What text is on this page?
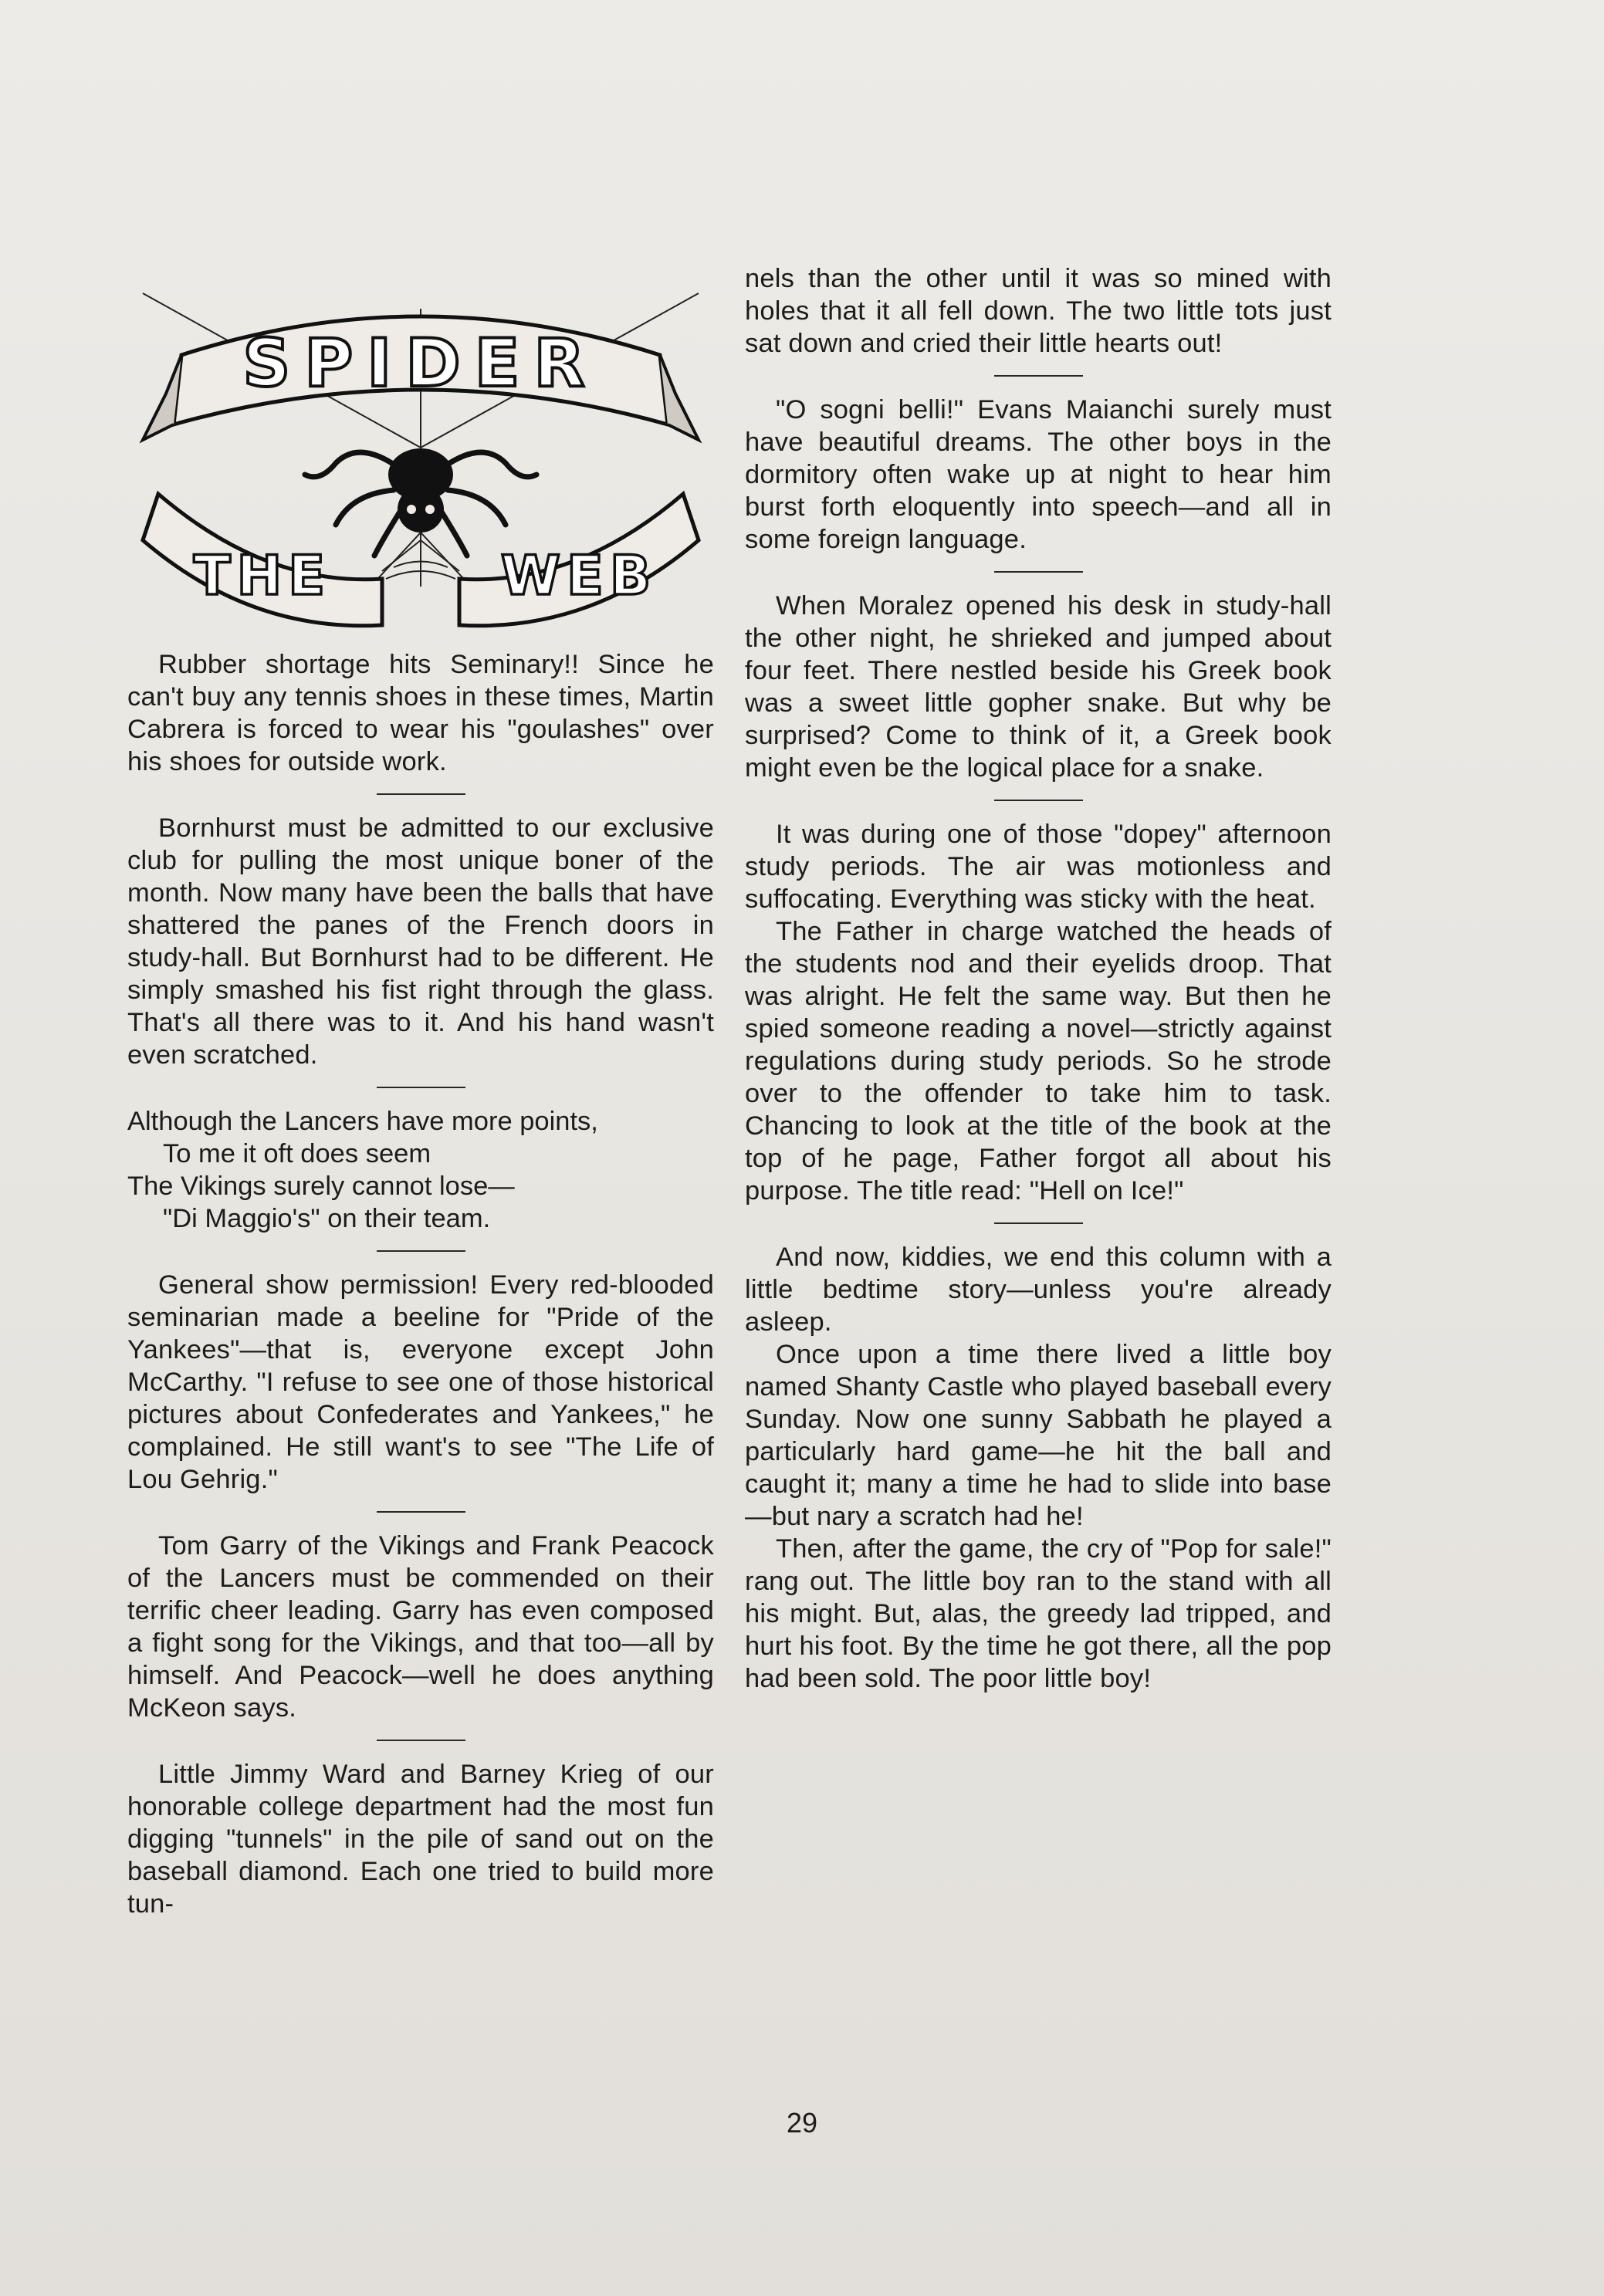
SPIDER
THE	WEB

Rubber shortage hits Seminary!! Since he can't buy any tennis shoes in these times, Martin Cabrera is forced to wear his "goulashes" over his shoes for outside work.

Bornhurst must be admitted to our exclusive club for pulling the most unique boner of the month. Now many have been the balls that have shattered the panes of the French doors in study-hall. But Bornhurst had to be different. He simply smashed his fist right through the glass. That's all there was to it. And his hand wasn't even scratched.

Although the Lancers have more points,

To me it oft does seem

The Vikings surely cannot lose—

"Di Maggio's" on their team.

General show permission! Every red-blooded seminarian made a beeline for "Pride of the Yankees"—that is, everyone except John McCarthy. "I refuse to see one of those historical pictures about Confederates and Yankees," he complained. He still want's to see "The Life of Lou Gehrig."

Tom Garry of the Vikings and Frank Peacock of the Lancers must be commended on their terrific cheer leading. Garry has even composed a fight song for the Vikings, and that too—all by himself. And Peacock—well he does anything McKeon says.

Little Jimmy Ward and Barney Krieg of our honorable college department had the most fun digging "tunnels" in the pile of sand out on the baseball diamond. Each one tried to build more tun-

nels than the other until it was so mined with holes that it all fell down. The two little tots just sat down and cried their little hearts out!

"O sogni belli!" Evans Maianchi surely must have beautiful dreams. The other boys in the dormitory often wake up at night to hear him burst forth eloquently into speech—and all in some foreign language.

When Moralez opened his desk in study-hall the other night, he shrieked and jumped about four feet. There nestled beside his Greek book was a sweet little gopher snake. But why be surprised? Come to think of it, a Greek book might even be the logical place for a snake.

It was during one of those "dopey" afternoon study periods. The air was motionless and suffocating. Everything was sticky with the heat.

The Father in charge watched the heads of the students nod and their eyelids droop. That was alright. He felt the same way. But then he spied someone reading a novel—strictly against regulations during study periods. So he strode over to the offender to take him to task. Chancing to look at the title of the book at the top of he page, Father forgot all about his purpose. The title read: "Hell on Ice!"

And now, kiddies, we end this column with a little bedtime story—unless you're already asleep.

Once upon a time there lived a little boy named Shanty Castle who played baseball every Sunday. Now one sunny Sabbath he played a particularly hard game—he hit the ball and caught it; many a time he had to slide into base—but nary a scratch had he!

Then, after the game, the cry of "Pop for sale!" rang out. The little boy ran to the stand with all his might. But, alas, the greedy lad tripped, and hurt his foot. By the time he got there, all the pop had been sold. The poor little boy!

29
